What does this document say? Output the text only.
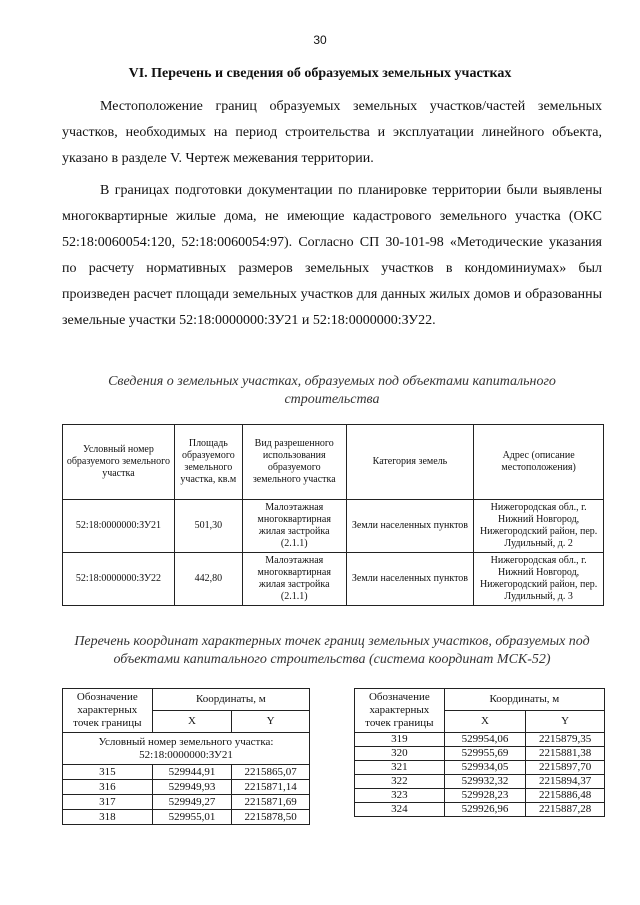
30
VI. Перечень и сведения об образуемых земельных участках

Местоположение границ образуемых земельных участков/частей земельных участков, необходимых на период строительства и эксплуатации линейного объекта, указано в разделе V. Чертеж межевания территории.

В границах подготовки документации по планировке территории были выявлены многоквартирные жилые дома, не имеющие кадастрового земельного участка (ОКС 52:18:0060054:120, 52:18:0060054:97). Согласно СП 30-101-98 «Методические указания по расчету нормативных размеров земельных участков в кондоминиумах» был произведен расчет площади земельных участков для данных жилых домов и образованны земельные участки 52:18:0000000:ЗУ21 и 52:18:0000000:ЗУ22.

Сведения о земельных участках, образуемых под объектами капитального строительства
Условный номер образуемого земельного участка	Площадь образуемого земельного участка, кв.м	Вид разрешенного использования образуемого земельного участка	Категория земель	Адрес (описание местоположения)
52:18:0000000:ЗУ21	501,30	Малоэтажная многоквартирная жилая застройка (2.1.1)	Земли населенных пунктов	Нижегородская обл., г. Нижний Новгород, Нижегородский район, пер. Лудильный, д. 2
52:18:0000000:ЗУ22	442,80	Малоэтажная многоквартирная жилая застройка (2.1.1)	Земли населенных пунктов	Нижегородская обл., г. Нижний Новгород, Нижегородский район, пер. Лудильный, д. 3
Перечень координат характерных точек границ земельных участков, образуемых под объектами капитального строительства (система координат МСК-52)
Обозначение характерных точек границы	Координаты, м	
	X	Y
Условный номер земельного участка: 52:18:0000000:ЗУ21		
315	529944,91	2215865,07
316	529949,93	2215871,14
317	529949,27	2215871,69
318	529955,01	2215878,50
Обозначение характерных точек границы	Координаты, м	
	X	Y
319	529954,06	2215879,35
320	529955,69	2215881,38
321	529934,05	2215897,70
322	529932,32	2215894,37
323	529928,23	2215886,48
324	529926,96	2215887,28
